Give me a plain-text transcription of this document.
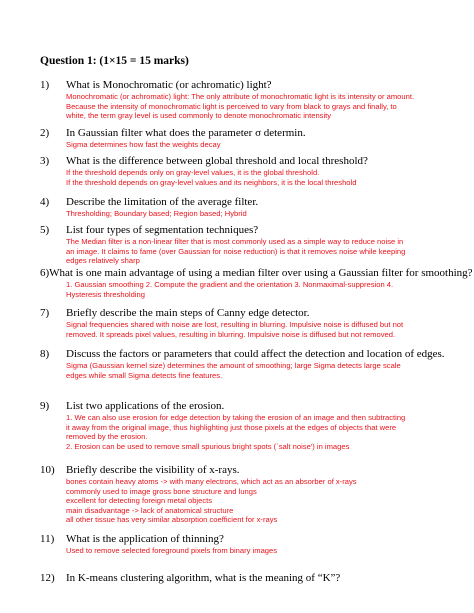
Question 1: (1×15 = 15 marks)
1)	What is Monochromatic (or achromatic) light?
Monochromatic (or achromatic) light: The only attribute of monochromatic light is its intensity or amount.
Because the intensity of monochromatic light is perceived to vary from black to grays and finally, to
white, the term gray level is used commonly to denote monochromatic intensity
2)	In Gaussian filter what does the parameter σ determin.
Sigma determines how fast the weights decay
3)	What is the difference between global threshold and local threshold?
If the threshold depends only on gray-level values, it is the global threshold.
If the threshold depends on gray-level values and its neighbors, it is the local threshold
4)	Describe the limitation of the average filter.
Thresholding; Boundary based; Region based; Hybrid
5)	List four types of segmentation techniques?
The Median filter is a non-linear filter that is most commonly used as a simple way to reduce noise in
an image. It claims to fame (over Gaussian for noise reduction) is that it removes noise while keeping
edges relatively sharp
6) What is one main advantage of using a median filter over using a Gaussian filter for smoothing?
1. Gaussian smoothing 2. Compute the gradient and the orientation 3. Nonmaximal-suppresion 4.
Hysteresis thresholding
7)	Briefly describe the main steps of Canny edge detector.
Signal frequencies shared with noise are lost, resulting in blurring. Impulsive noise is diffused but not
removed. It spreads pixel values, resulting in blurring. Impulsive noise is diffused but not removed.
8)	Discuss the factors or parameters that could affect the detection and location of edges.
Sigma (Gaussian kernel size) determines the amount of smoothing; large Sigma detects large scale
edges while small Sigma detects fine features.
9)	List two applications of the erosion.
1. We can also use erosion for edge detection by taking the erosion of an image and then subtracting
it away from the original image, thus highlighting just those pixels at the edges of objects that were
removed by the erosion.
2. Erosion can be used to remove small spurious bright spots (`salt noise') in images
10)	Briefly describe the visibility of x-rays.
bones contain heavy atoms -> with many electrons, which act as an absorber of x-rays
commonly used to image gross bone structure and lungs
excellent for detecting foreign metal objects
main disadvantage -> lack of anatomical structure
all other tissue has very similar absorption coefficient for x-rays
11)	What is the application of thinning?
Used to remove selected foreground pixels from binary images
12)	In K-means clustering algorithm, what is the meaning of “K”?
